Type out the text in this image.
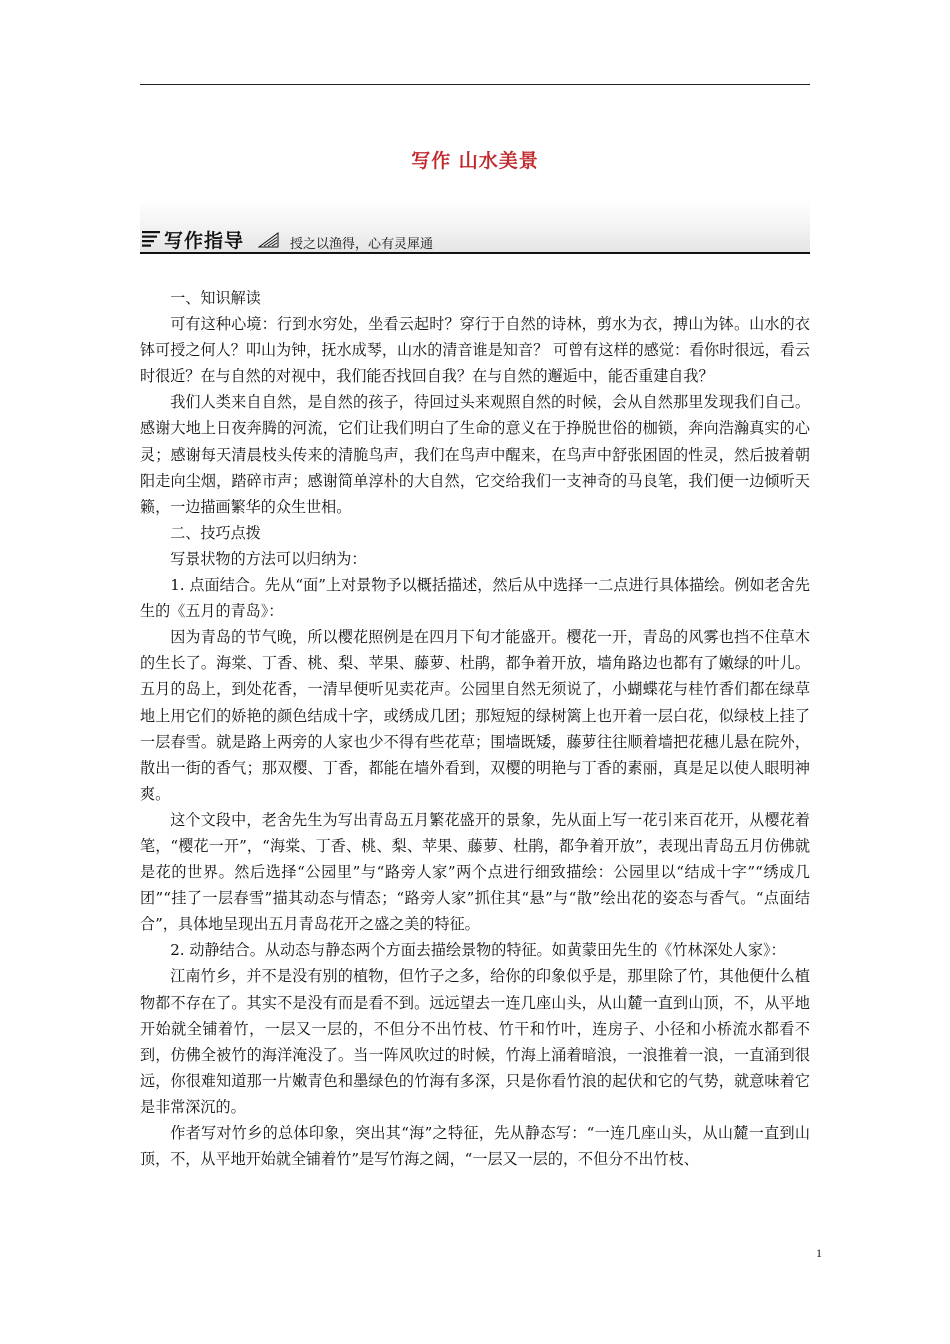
写作 山水美景
写作指导	授之以渔得，心有灵犀通

一、知识解读

可有这种心境：行到水穷处，坐看云起时？穿行于自然的诗林，剪水为衣，搏山为钵。山水的衣钵可授之何人？叩山为钟，抚水成琴，山水的清音谁是知音？ 可曾有这样的感觉：看你时很远，看云时很近？在与自然的对视中，我们能否找回自我？在与自然的邂逅中，能否重建自我？

我们人类来自自然，是自然的孩子，待回过头来观照自然的时候，会从自然那里发现我们自己。感谢大地上日夜奔腾的河流，它们让我们明白了生命的意义在于挣脱世俗的枷锁，奔向浩瀚真实的心灵；感谢每天清晨枝头传来的清脆鸟声，我们在鸟声中醒来，在鸟声中舒张困固的性灵，然后披着朝阳走向尘烟，踏碎市声；感谢简单淳朴的大自然，它交给我们一支神奇的马良笔，我们便一边倾听天籁，一边描画繁华的众生世相。

二、技巧点拨

写景状物的方法可以归纳为：

1. 点面结合。先从“面”上对景物予以概括描述，然后从中选择一二点进行具体描绘。例如老舍先生的《五月的青岛》：

因为青岛的节气晚，所以樱花照例是在四月下旬才能盛开。樱花一开，青岛的风雾也挡不住草木的生长了。海棠、丁香、桃、梨、苹果、藤萝、杜鹃，都争着开放，墙角路边也都有了嫩绿的叶儿。五月的岛上，到处花香，一清早便听见卖花声。公园里自然无须说了，小蝴蝶花与桂竹香们都在绿草地上用它们的娇艳的颜色结成十字，或绣成几团；那短短的绿树篱上也开着一层白花，似绿枝上挂了一层春雪。就是路上两旁的人家也少不得有些花草；围墙既矮，藤萝往往顺着墙把花穗儿悬在院外，散出一街的香气；那双樱、丁香，都能在墙外看到，双樱的明艳与丁香的素丽，真是足以使人眼明神爽。

这个文段中，老舍先生为写出青岛五月繁花盛开的景象，先从面上写一花引来百花开，从樱花着笔，“樱花一开”，“海棠、丁香、桃、梨、苹果、藤萝、杜鹃，都争着开放”，表现出青岛五月仿佛就是花的世界。然后选择“公园里”与“路旁人家”两个点进行细致描绘：公园里以“结成十字”“绣成几团”“挂了一层春雪”描其动态与情态；“路旁人家”抓住其“悬”与“散”绘出花的姿态与香气。“点面结合”，具体地呈现出五月青岛花开之盛之美的特征。

2. 动静结合。从动态与静态两个方面去描绘景物的特征。如黄蒙田先生的《竹林深处人家》：

江南竹乡，并不是没有别的植物，但竹子之多，给你的印象似乎是，那里除了竹，其他便什么植物都不存在了。其实不是没有而是看不到。远远望去一连几座山头，从山麓一直到山顶，不，从平地开始就全铺着竹，一层又一层的，不但分不出竹枝、竹干和竹叶，连房子、小径和小桥流水都看不到，仿佛全被竹的海洋淹没了。当一阵风吹过的时候，竹海上涌着暗浪，一浪推着一浪，一直涌到很远，你很难知道那一片嫩青色和墨绿色的竹海有多深，只是你看竹浪的起伏和它的气势，就意味着它是非常深沉的。

作者写对竹乡的总体印象，突出其“海”之特征，先从静态写：“一连几座山头，从山麓一直到山顶，不，从平地开始就全铺着竹”是写竹海之阔，“一层又一层的，不但分不出竹枝、

1
